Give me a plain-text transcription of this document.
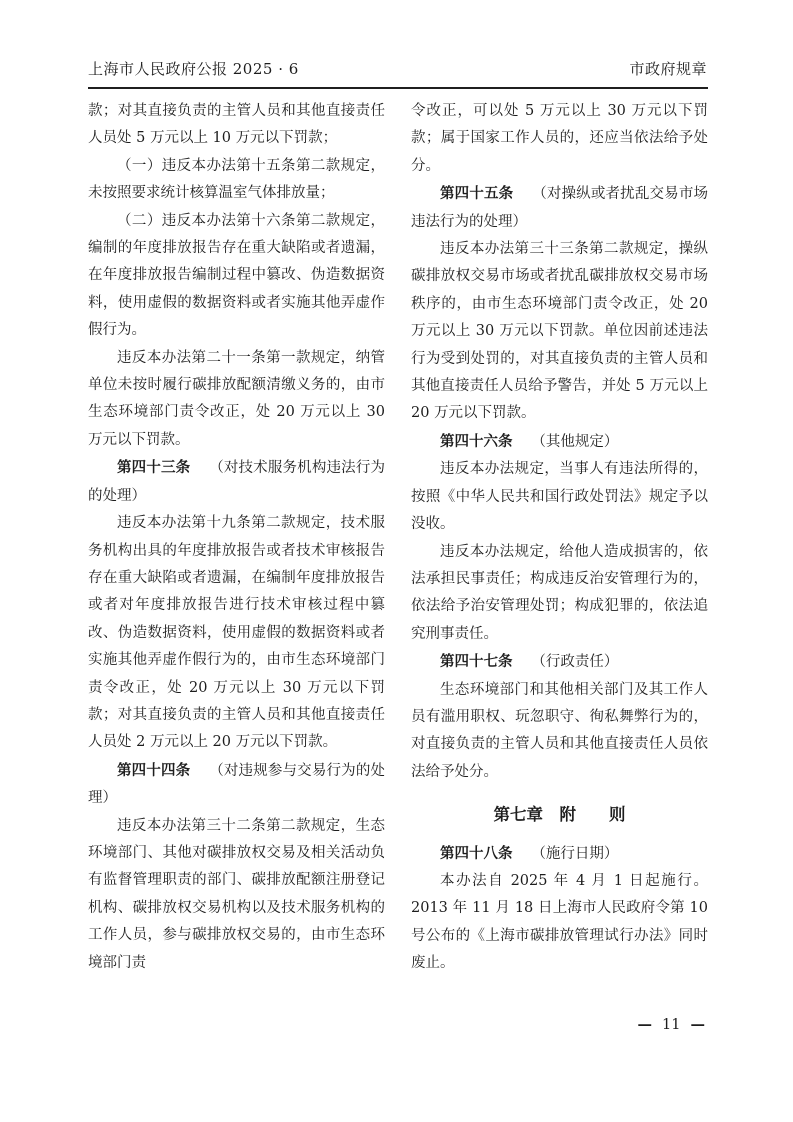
上海市人民政府公报 2025 · 6	市政府规章

款；对其直接负责的主管人员和其他直接责任人员处 5 万元以上 10 万元以下罚款；

（一）违反本办法第十五条第二款规定，未按照要求统计核算温室气体排放量；

（二）违反本办法第十六条第二款规定，编制的年度排放报告存在重大缺陷或者遗漏，在年度排放报告编制过程中篡改、伪造数据资料，使用虚假的数据资料或者实施其他弄虚作假行为。

违反本办法第二十一条第一款规定，纳管单位未按时履行碳排放配额清缴义务的，由市生态环境部门责令改正，处 20 万元以上 30 万元以下罚款。

第四十三条 （对技术服务机构违法行为的处理）

违反本办法第十九条第二款规定，技术服务机构出具的年度排放报告或者技术审核报告存在重大缺陷或者遗漏，在编制年度排放报告或者对年度排放报告进行技术审核过程中篡改、伪造数据资料，使用虚假的数据资料或者实施其他弄虚作假行为的，由市生态环境部门责令改正，处 20 万元以上 30 万元以下罚款；对其直接负责的主管人员和其他直接责任人员处 2 万元以上 20 万元以下罚款。

第四十四条 （对违规参与交易行为的处理）

违反本办法第三十二条第二款规定，生态环境部门、其他对碳排放权交易及相关活动负有监督管理职责的部门、碳排放配额注册登记机构、碳排放权交易机构以及技术服务机构的工作人员，参与碳排放权交易的，由市生态环境部门责

令改正，可以处 5 万元以上 30 万元以下罚款；属于国家工作人员的，还应当依法给予处分。

第四十五条 （对操纵或者扰乱交易市场违法行为的处理）

违反本办法第三十三条第二款规定，操纵碳排放权交易市场或者扰乱碳排放权交易市场秩序的，由市生态环境部门责令改正，处 20 万元以上 30 万元以下罚款。单位因前述违法行为受到处罚的，对其直接负责的主管人员和其他直接责任人员给予警告，并处 5 万元以上 20 万元以下罚款。

第四十六条 （其他规定）

违反本办法规定，当事人有违法所得的，按照《中华人民共和国行政处罚法》规定予以没收。

违反本办法规定，给他人造成损害的，依法承担民事责任；构成违反治安管理行为的，依法给予治安管理处罚；构成犯罪的，依法追究刑事责任。

第四十七条 （行政责任）

生态环境部门和其他相关部门及其工作人员有滥用职权、玩忽职守、徇私舞弊行为的，对直接负责的主管人员和其他直接责任人员依法给予处分。

第七章　附　　则

第四十八条 （施行日期）

本办法自 2025 年 4 月 1 日起施行。2013 年 11 月 18 日上海市人民政府令第 10 号公布的《上海市碳排放管理试行办法》同时废止。

— 11 —
